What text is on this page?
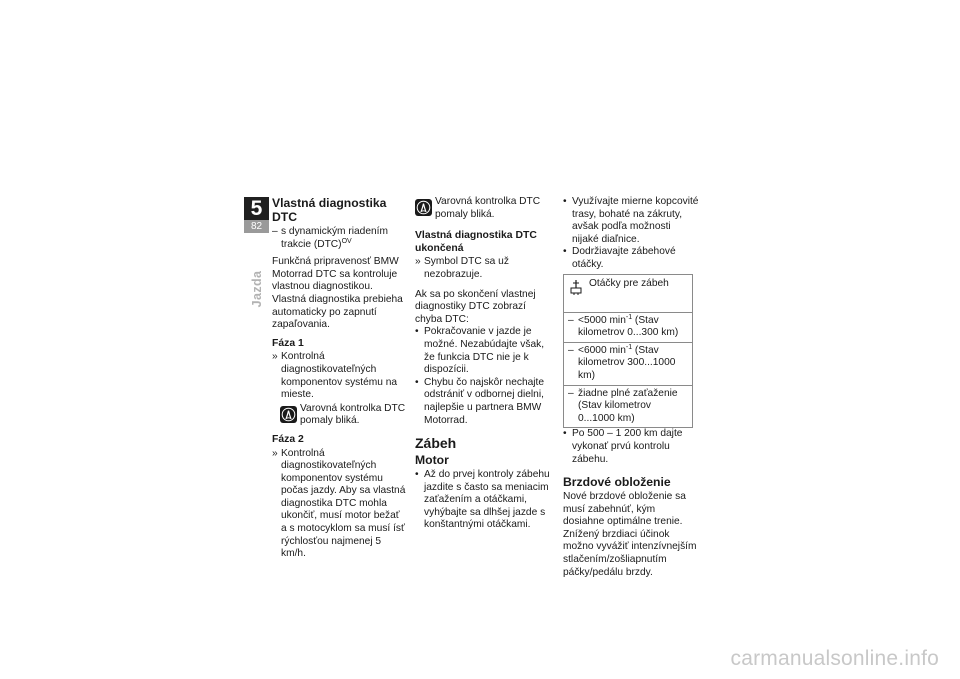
5
82
Jazda
Vlastná diagnostika DTC
– s dynamickým riadením trakcie (DTC)$^{OV}$

Funkčná pripravenosť BMW Motorrad DTC sa kontroluje vlastnou diagnostikou. Vlastná diagnostika prebieha automaticky po zapnutí zapaľovania.

Fáza 1
» Kontrolná diagnostikovateľných komponentov systému na mieste.
Varovná kontrolka DTC pomaly bliká.
Fáza 2
» Kontrolná diagnostikovateľných komponentov systému počas jazdy. Aby sa vlastná diagnostika DTC mohla ukončiť, musí motor bežať a s motocyklom sa musí ísť rýchlosťou najmenej 5 km/h.
Varovná kontrolka DTC pomaly bliká.
Vlastná diagnostika DTC ukončená
» Symbol DTC sa už nezobrazuje.

Ak sa po skončení vlastnej diagnostiky DTC zobrazí chyba DTC:

• Pokračovanie v jazde je možné. Nezabúdajte však, že funkcia DTC nie je k dispozícii.
• Chybu čo najskôr nechajte odstrániť v odbornej dielni, najlepšie u partnera BMW Motorrad.
Zábeh
Motor
• Až do prvej kontroly zábehu jazdite s často sa meniacim zaťažením a otáčkami, vyhýbajte sa dlhšej jazde s konštantnými otáčkami.
• Využívajte mierne kopcovité trasy, bohaté na zákruty, avšak podľa možnosti nijaké diaľnice.
• Dodržiavajte zábehové otáčky.
Otáčky pre zábeh
– <5000 $\min^{-1}$ (Stav kilometrov 0...300 km)
– <6000 $\min^{-1}$ (Stav kilometrov 300...1000 km)
– žiadne plné zaťaženie (Stav kilometrov 0...1000 km)
• Po 500 – 1 200 km dajte vykonať prvú kontrolu zábehu.
Brzdové obloženie
Nové brzdové obloženie sa musí zabehnúť, kým dosiahne optimálne trenie. Znížený brzdiaci účinok možno vyvážiť intenzívnejším stlačením/zošliapnutím páčky/pedálu brzdy.
carmanualsonline.info
